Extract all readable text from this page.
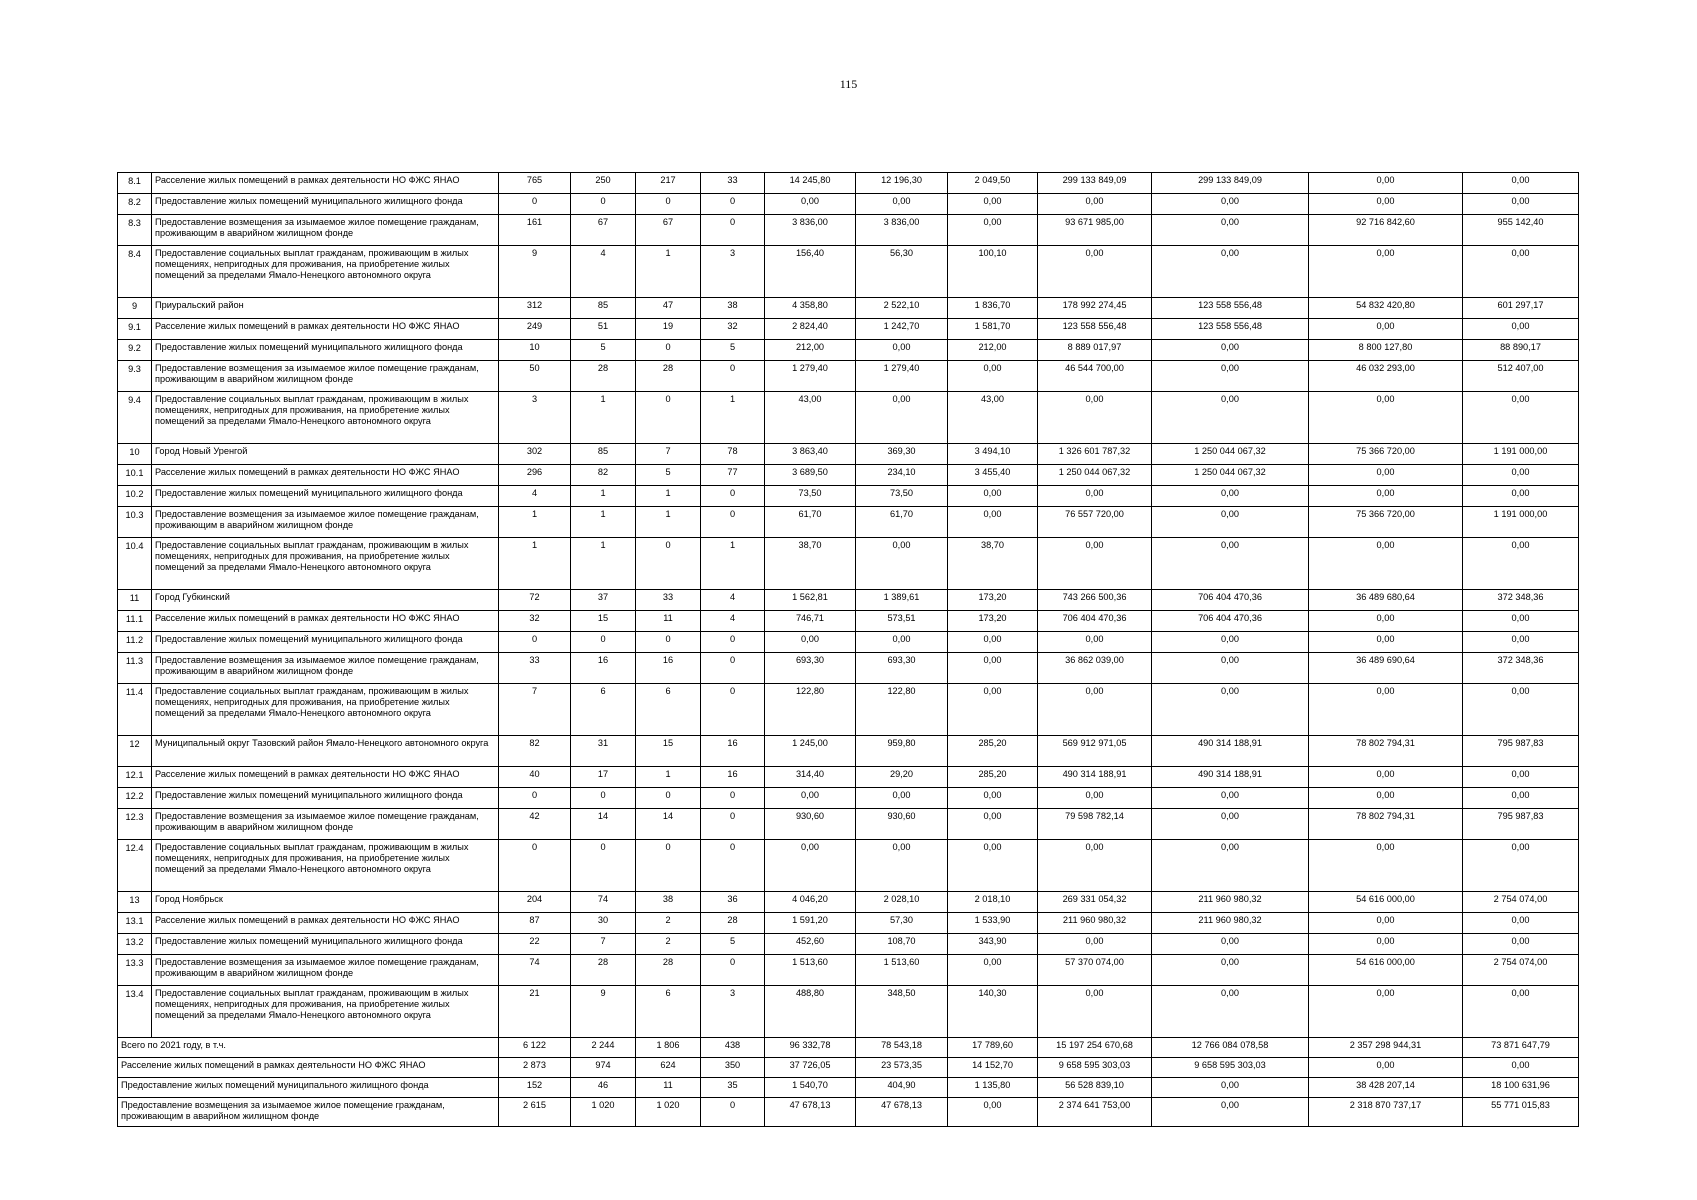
115
8.1	Расселение жилых помещений в рамках деятельности НО ФЖС ЯНАО	765	250	217	33	14 245,80	12 196,30	2 049,50	299 133 849,09	299 133 849,09	0,00	0,00
8.2	Предоставление жилых помещений муниципального жилищного фонда	0	0	0	0	0,00	0,00	0,00	0,00	0,00	0,00	0,00
8.3	Предоставление возмещения за изымаемое жилое помещение гражданам, проживающим в аварийном жилищном фонде	161	67	67	0	3 836,00	3 836,00	0,00	93 671 985,00	0,00	92 716 842,60	955 142,40
8.4	Предоставление социальных выплат гражданам, проживающим в жилых помещениях, непригодных для проживания, на приобретение жилых помещений за пределами Ямало-Ненецкого автономного округа	9	4	1	3	156,40	56,30	100,10	0,00	0,00	0,00	0,00
9	Приуральский район	312	85	47	38	4 358,80	2 522,10	1 836,70	178 992 274,45	123 558 556,48	54 832 420,80	601 297,17
9.1	Расселение жилых помещений в рамках деятельности НО ФЖС ЯНАО	249	51	19	32	2 824,40	1 242,70	1 581,70	123 558 556,48	123 558 556,48	0,00	0,00
9.2	Предоставление жилых помещений муниципального жилищного фонда	10	5	0	5	212,00	0,00	212,00	8 889 017,97	0,00	8 800 127,80	88 890,17
9.3	Предоставление возмещения за изымаемое жилое помещение гражданам, проживающим в аварийном жилищном фонде	50	28	28	0	1 279,40	1 279,40	0,00	46 544 700,00	0,00	46 032 293,00	512 407,00
9.4	Предоставление социальных выплат гражданам, проживающим в жилых помещениях, непригодных для проживания, на приобретение жилых помещений за пределами Ямало-Ненецкого автономного округа	3	1	0	1	43,00	0,00	43,00	0,00	0,00	0,00	0,00
10	Город Новый Уренгой	302	85	7	78	3 863,40	369,30	3 494,10	1 326 601 787,32	1 250 044 067,32	75 366 720,00	1 191 000,00
10.1	Расселение жилых помещений в рамках деятельности НО ФЖС ЯНАО	296	82	5	77	3 689,50	234,10	3 455,40	1 250 044 067,32	1 250 044 067,32	0,00	0,00
10.2	Предоставление жилых помещений муниципального жилищного фонда	4	1	1	0	73,50	73,50	0,00	0,00	0,00	0,00	0,00
10.3	Предоставление возмещения за изымаемое жилое помещение гражданам, проживающим в аварийном жилищном фонде	1	1	1	0	61,70	61,70	0,00	76 557 720,00	0,00	75 366 720,00	1 191 000,00
10.4	Предоставление социальных выплат гражданам, проживающим в жилых помещениях, непригодных для проживания, на приобретение жилых помещений за пределами Ямало-Ненецкого автономного округа	1	1	0	1	38,70	0,00	38,70	0,00	0,00	0,00	0,00
11	Город Губкинский	72	37	33	4	1 562,81	1 389,61	173,20	743 266 500,36	706 404 470,36	36 489 680,64	372 348,36
11.1	Расселение жилых помещений в рамках деятельности НО ФЖС ЯНАО	32	15	11	4	746,71	573,51	173,20	706 404 470,36	706 404 470,36	0,00	0,00
11.2	Предоставление жилых помещений муниципального жилищного фонда	0	0	0	0	0,00	0,00	0,00	0,00	0,00	0,00	0,00
11.3	Предоставление возмещения за изымаемое жилое помещение гражданам, проживающим в аварийном жилищном фонде	33	16	16	0	693,30	693,30	0,00	36 862 039,00	0,00	36 489 690,64	372 348,36
11.4	Предоставление социальных выплат гражданам, проживающим в жилых помещениях, непригодных для проживания, на приобретение жилых помещений за пределами Ямало-Ненецкого автономного округа	7	6	6	0	122,80	122,80	0,00	0,00	0,00	0,00	0,00
12	Муниципальный округ Тазовский район Ямало-Ненецкого автономного округа	82	31	15	16	1 245,00	959,80	285,20	569 912 971,05	490 314 188,91	78 802 794,31	795 987,83
12.1	Расселение жилых помещений в рамках деятельности НО ФЖС ЯНАО	40	17	1	16	314,40	29,20	285,20	490 314 188,91	490 314 188,91	0,00	0,00
12.2	Предоставление жилых помещений муниципального жилищного фонда	0	0	0	0	0,00	0,00	0,00	0,00	0,00	0,00	0,00
12.3	Предоставление возмещения за изымаемое жилое помещение гражданам, проживающим в аварийном жилищном фонде	42	14	14	0	930,60	930,60	0,00	79 598 782,14	0,00	78 802 794,31	795 987,83
12.4	Предоставление социальных выплат гражданам, проживающим в жилых помещениях, непригодных для проживания, на приобретение жилых помещений за пределами Ямало-Ненецкого автономного округа	0	0	0	0	0,00	0,00	0,00	0,00	0,00	0,00	0,00
13	Город Ноябрьск	204	74	38	36	4 046,20	2 028,10	2 018,10	269 331 054,32	211 960 980,32	54 616 000,00	2 754 074,00
13.1	Расселение жилых помещений в рамках деятельности НО ФЖС ЯНАО	87	30	2	28	1 591,20	57,30	1 533,90	211 960 980,32	211 960 980,32	0,00	0,00
13.2	Предоставление жилых помещений муниципального жилищного фонда	22	7	2	5	452,60	108,70	343,90	0,00	0,00	0,00	0,00
13.3	Предоставление возмещения за изымаемое жилое помещение гражданам, проживающим в аварийном жилищном фонде	74	28	28	0	1 513,60	1 513,60	0,00	57 370 074,00	0,00	54 616 000,00	2 754 074,00
13.4	Предоставление социальных выплат гражданам, проживающим в жилых помещениях, непригодных для проживания, на приобретение жилых помещений за пределами Ямало-Ненецкого автономного округа	21	9	6	3	488,80	348,50	140,30	0,00	0,00	0,00	0,00
Всего по 2021 году, в т.ч.		6 122	2 244	1 806	438	96 332,78	78 543,18	17 789,60	15 197 254 670,68	12 766 084 078,58	2 357 298 944,31	73 871 647,79
Расселение жилых помещений в рамках деятельности НО ФЖС ЯНАО		2 873	974	624	350	37 726,05	23 573,35	14 152,70	9 658 595 303,03	9 658 595 303,03	0,00	0,00
Предоставление жилых помещений муниципального жилищного фонда		152	46	11	35	1 540,70	404,90	1 135,80	56 528 839,10	0,00	38 428 207,14	18 100 631,96
Предоставление возмещения за изымаемое жилое помещение гражданам, проживающим в аварийном жилищном фонде		2 615	1 020	1 020	0	47 678,13	47 678,13	0,00	2 374 641 753,00	0,00	2 318 870 737,17	55 771 015,83
